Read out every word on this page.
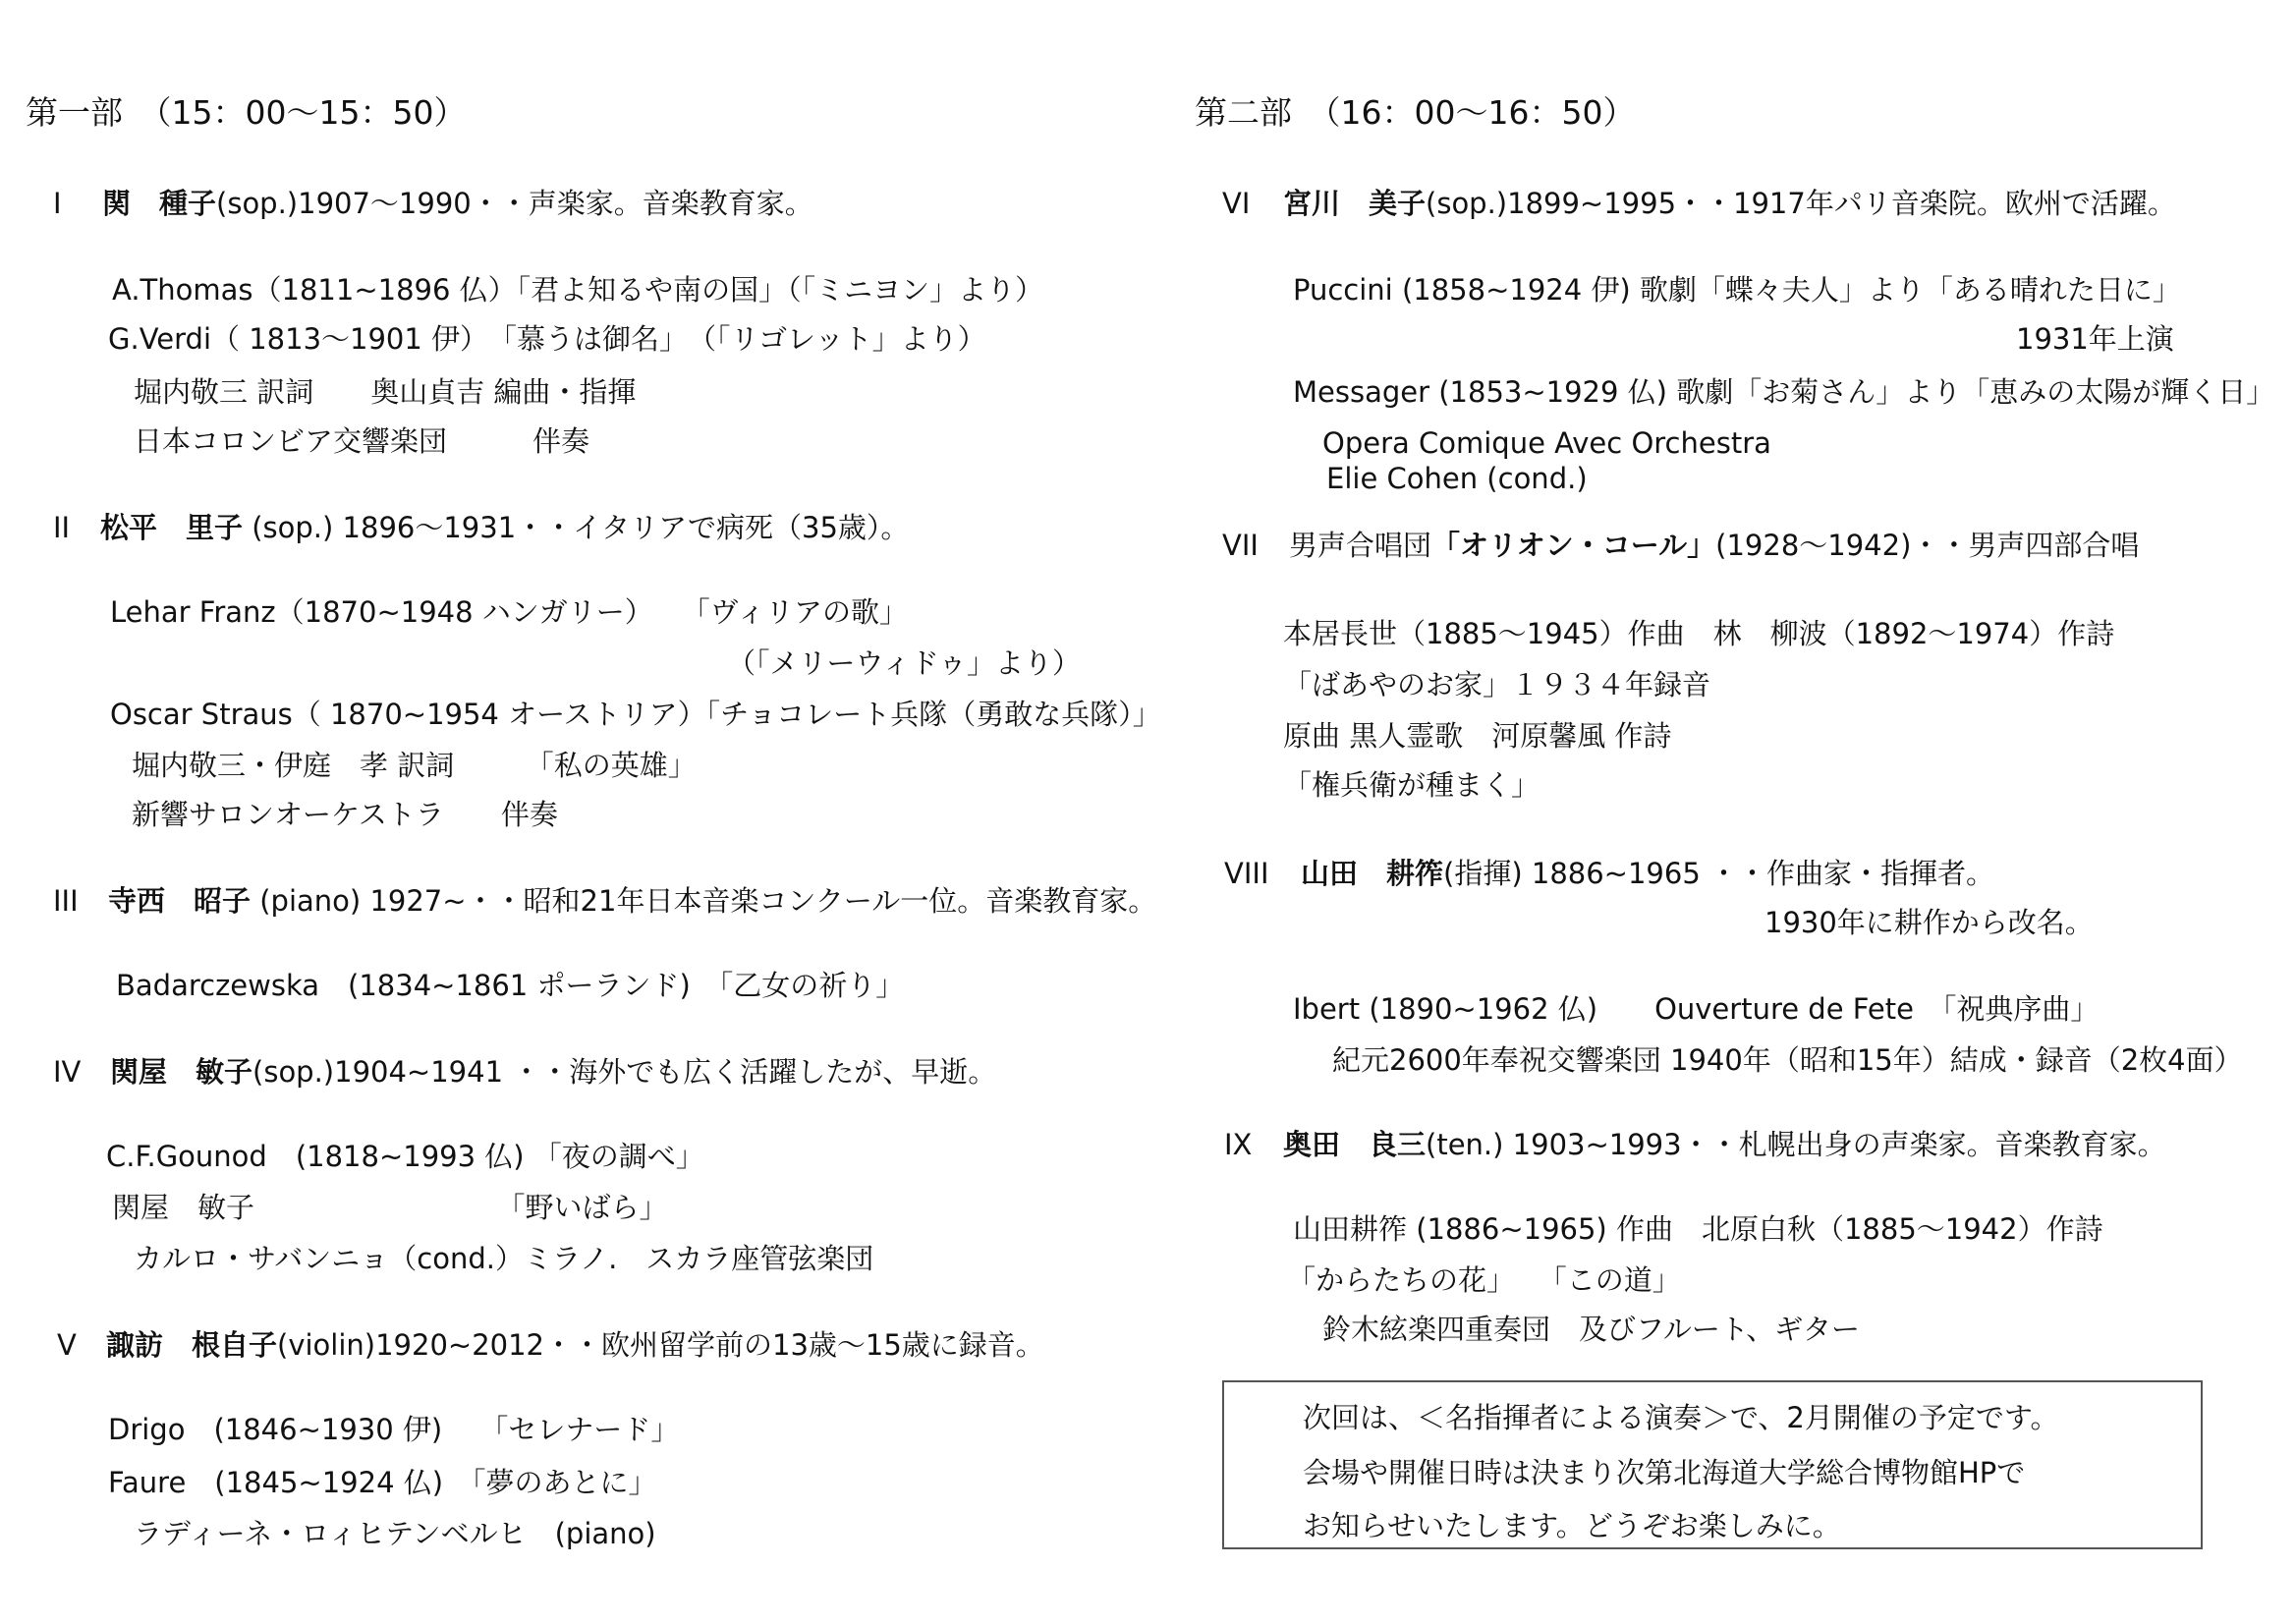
第一部　（15：00〜15：50）
I 関　種子(sop.)1907〜1990・・声楽家。音楽教育家。
A.Thomas（1811~1896 仏）「君よ知るや南の国」（「ミニヨン」より）
G.Verdi（ 1813〜1901 伊）　「慕うは御名」　（「リゴレット」より）
堀内敬三 訳詞　　奥山貞吉 編曲・指揮
日本コロンビア交響楽団　　　伴奏
II 松平　里子 (sop.) 1896〜1931・・イタリアで病死（35歳）。
Lehar Franz（1870~1948 ハンガリー）　　「ヴィリアの歌」
（「メリーウィドゥ」より）
Oscar Straus（ 1870~1954 オーストリア）「チョコレート兵隊（勇敢な兵隊）」
堀内敬三・伊庭　孝 訳詞　　　「私の英雄」
新響サロンオーケストラ　　伴奏
III 寺西　昭子 (piano) 1927~・・昭和21年日本音楽コンクール一位。音楽教育家。
Badarczewska　(1834~1861 ポーランド)　「乙女の祈り」
IV 関屋　敏子(sop.)1904~1941 ・・海外でも広く活躍したが、早逝。
C.F.Gounod　(1818~1993 仏) 「夜の調べ」
関屋　敏子　　　　　　　　　「野いばら」
カルロ・サバンニョ（cond.）ミラノ.　スカラ座管弦楽団
V 諏訪　根自子(violin)1920~2012・・欧州留学前の13歳〜15歳に録音。
Drigo　(1846~1930 伊)　 「セレナード」
Faure　(1845~1924 仏)　「夢のあとに」
ラディーネ・ロィヒテンベルヒ　(piano)
第二部　（16：00〜16：50）
VI 宮川　美子(sop.)1899~1995・・1917年パリ音楽院。欧州で活躍。
Puccini (1858~1924 伊) 歌劇「蝶々夫人」より「ある晴れた日に」
1931年上演
Messager (1853~1929 仏) 歌劇「お菊さん」より「恵みの太陽が輝く日」
Opera Comique Avec Orchestra
Elie Cohen (cond.)
VII 男声合唱団「オリオン・コール」(1928〜1942)・・男声四部合唱
本居長世（1885〜1945）作曲　林　柳波（1892〜1974）作詩
「ばあやのお家」１９３４年録音
原曲 黒人霊歌　河原馨風 作詩
「権兵衛が種まく」
VIII 山田　耕筰(指揮) 1886~1965 ・・作曲家・指揮者。
1930年に耕作から改名。
Ibert (1890~1962 仏)　　Ouverture de Fete　「祝典序曲」
紀元2600年奉祝交響楽団 1940年（昭和15年）結成・録音（2枚4面）
IX 奥田　良三(ten.) 1903~1993・・札幌出身の声楽家。音楽教育家。
山田耕筰 (1886~1965) 作曲　北原白秋（1885〜1942）作詩
「からたちの花」　 「この道」
鈴木絃楽四重奏団　及びフルート、ギター
次回は、＜名指揮者による演奏＞で、2月開催の予定です。
会場や開催日時は決まり次第北海道大学総合博物館HPで
お知らせいたします。どうぞお楽しみに。
